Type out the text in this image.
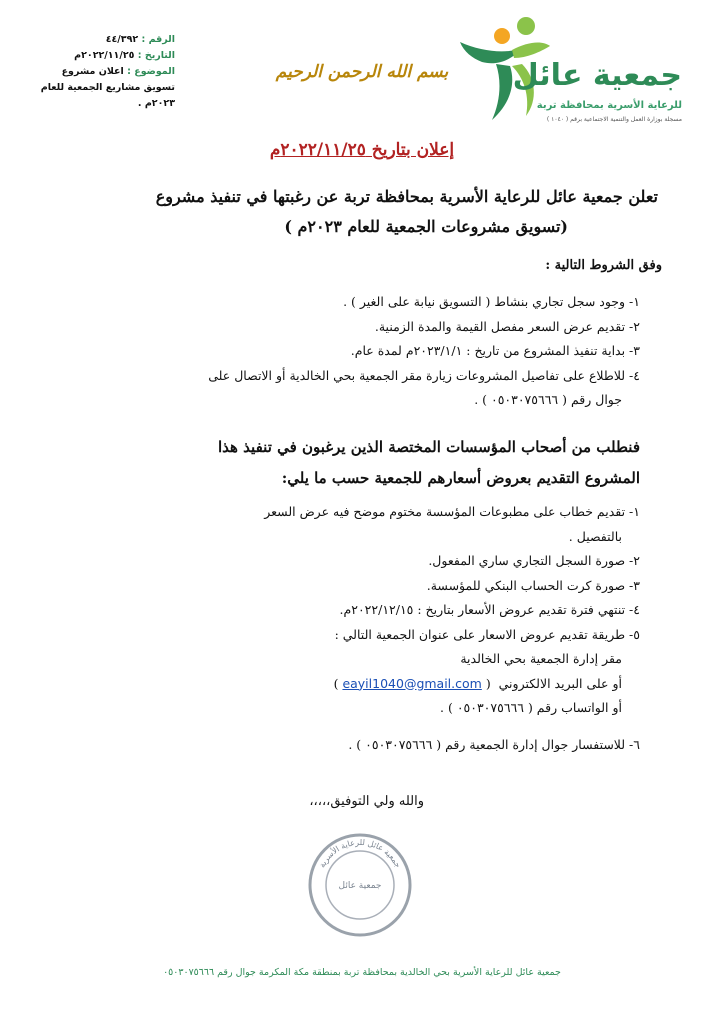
الرقم : ٤٤/٣٩٢
التاريخ : ٢٠٢٢/١١/٢٥م
الموضوع : اعلان مشروع
تسويق مشاريع الجمعية للعام
٢٠٢٣م .
بسم الله الرحمن الرحيم	جمعية عائل
للرعاية الأسرية بمحافظة تربة
مسجلة بوزارة العمل والتنمية الاجتماعية برقم ( ١٠٤٠ )
إعلان بتاريخ ٢٠٢٢/١١/٢٥م
تعلن جمعية عائل للرعاية الأسرية بمحافظة تربة عن رغبتها في تنفيذ مشروع
(تسويق مشروعات الجمعية للعام ٢٠٢٣م )
وفق الشروط التالية :
١- وجود سجل تجاري بنشاط ( التسويق نيابة على الغير ) .
٢- تقديم عرض السعر مفصل القيمة والمدة الزمنية.
٣- بداية تنفيذ المشروع من تاريخ : ٢٠٢٣/١/١م لمدة عام.
٤- للاطلاع على تفاصيل المشروعات زيارة مقر الجمعية بحي الخالدية أو الاتصال على
جوال رقم ( ٠٥٠٣٠٧٥٦٦٦ ) .
فنطلب من أصحاب المؤسسات المختصة الذين يرغبون في تنفيذ هذا
المشروع التقديم بعروض أسعارهم للجمعية حسب ما يلي:
١- تقديم خطاب على مطبوعات المؤسسة مختوم موضح فيه عرض السعر
بالتفصيل .
٢- صورة السجل التجاري ساري المفعول.
٣- صورة كرت الحساب البنكي للمؤسسة.
٤- تنتهي فترة تقديم عروض الأسعار بتاريخ : ٢٠٢٢/١٢/١٥م.
٥- طريقة تقديم عروض الاسعار على عنوان الجمعية التالي :
مقر إدارة الجمعية بحي الخالدية
أو على البريد الالكتروني  ( eayil1040@gmail.com )
أو الواتساب رقم ( ٠٥٠٣٠٧٥٦٦٦ ) .
٦- للاستفسار جوال إدارة الجمعية رقم ( ٠٥٠٣٠٧٥٦٦٦ ) .
والله ولي التوفيق،،،،،
جمعية عائل للرعاية الأسرية
جمعية عائل
جمعية عائل للرعاية الأسرية بحي الخالدية بمحافظة تربة بمنطقة مكة المكرمة جوال رقم ٠٥٠٣٠٧٥٦٦٦
